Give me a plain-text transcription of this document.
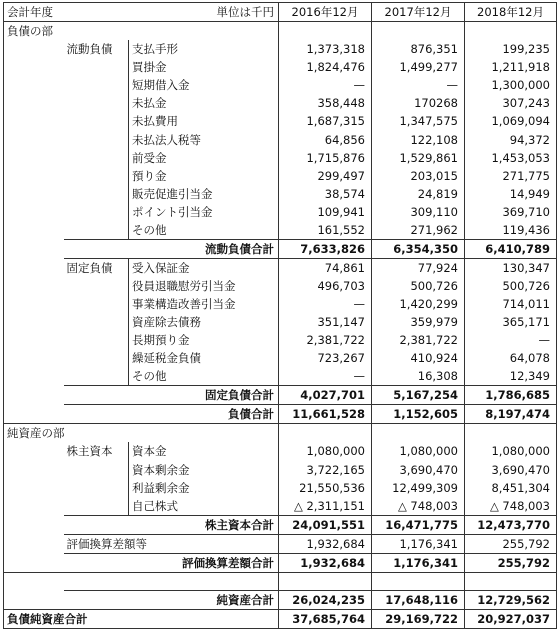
会計年度		単位は千円	2016年12月	2017年12月	2018年12月
負債の部					
	流動負債	支払手形	1,373,318	876,351	199,235
		買掛金	1,824,476	1,499,277	1,211,918
		短期借入金	—	—	1,300,000
		未払金	358,448	170268	307,243
		未払費用	1,687,315	1,347,575	1,069,094
		未払法人税等	64,856	122,108	94,372
		前受金	1,715,876	1,529,861	1,453,053
		預り金	299,497	203,015	271,775
		販売促進引当金	38,574	24,819	14,949
		ポイント引当金	109,941	309,110	369,710
		その他	161,552	271,962	119,436
	流動負債合計		7,633,826	6,354,350	6,410,789
	固定負債	受入保証金	74,861	77,924	130,347
		役員退職慰労引当金	496,703	500,726	500,726
		事業構造改善引当金	—	1,420,299	714,011
		資産除去債務	351,147	359,979	365,171
		長期預り金	2,381,722	2,381,722	—
		繰延税金負債	723,267	410,924	64,078
		その他	—	16,308	12,349
	固定負債合計		4,027,701	5,167,254	1,786,685
	負債合計		11,661,528	1,152,605	8,197,474
純資産の部					
	株主資本	資本金	1,080,000	1,080,000	1,080,000
		資本剰余金	3,722,165	3,690,470	3,690,470
		利益剰余金	21,550,536	12,499,309	8,451,304
		自己株式	△ 2,311,151	△ 748,003	△ 748,003
	株主資本合計		24,091,551	16,471,775	12,473,770
	評価換算差額等		1,932,684	1,176,341	255,792
	評価換算差額合計		1,932,684	1,176,341	255,792

	純資産合計		26,024,235	17,648,116	12,729,562
負債純資産合計			37,685,764	29,169,722	20,927,037
